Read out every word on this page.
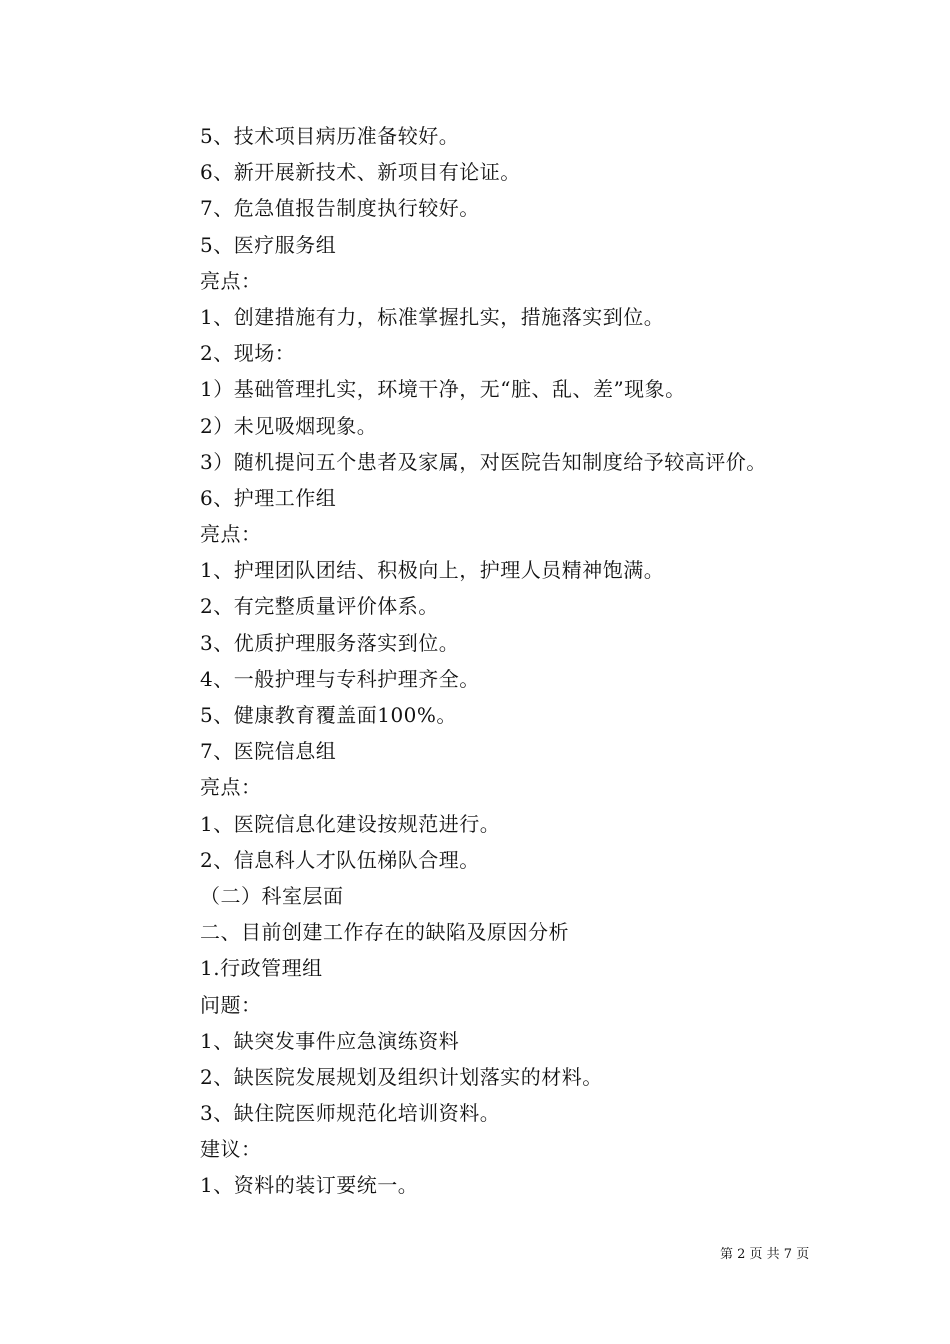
5、技术项目病历准备较好。
6、新开展新技术、新项目有论证。
7、危急值报告制度执行较好。
5、医疗服务组
亮点：
1、创建措施有力，标准掌握扎实，措施落实到位。
2、现场：
1）基础管理扎实，环境干净，无“脏、乱、差”现象。
2）未见吸烟现象。
3）随机提问五个患者及家属，对医院告知制度给予较高评价。
6、护理工作组
亮点：
1、护理团队团结、积极向上，护理人员精神饱满。
2、有完整质量评价体系。
3、优质护理服务落实到位。
4、一般护理与专科护理齐全。
5、健康教育覆盖面100%。
7、医院信息组
亮点：
1、医院信息化建设按规范进行。
2、信息科人才队伍梯队合理。
（二）科室层面
二、目前创建工作存在的缺陷及原因分析
1.行政管理组
问题：
1、缺突发事件应急演练资料
2、缺医院发展规划及组织计划落实的材料。
3、缺住院医师规范化培训资料。
建议：
1、资料的装订要统一。
第 2 页 共 7 页
